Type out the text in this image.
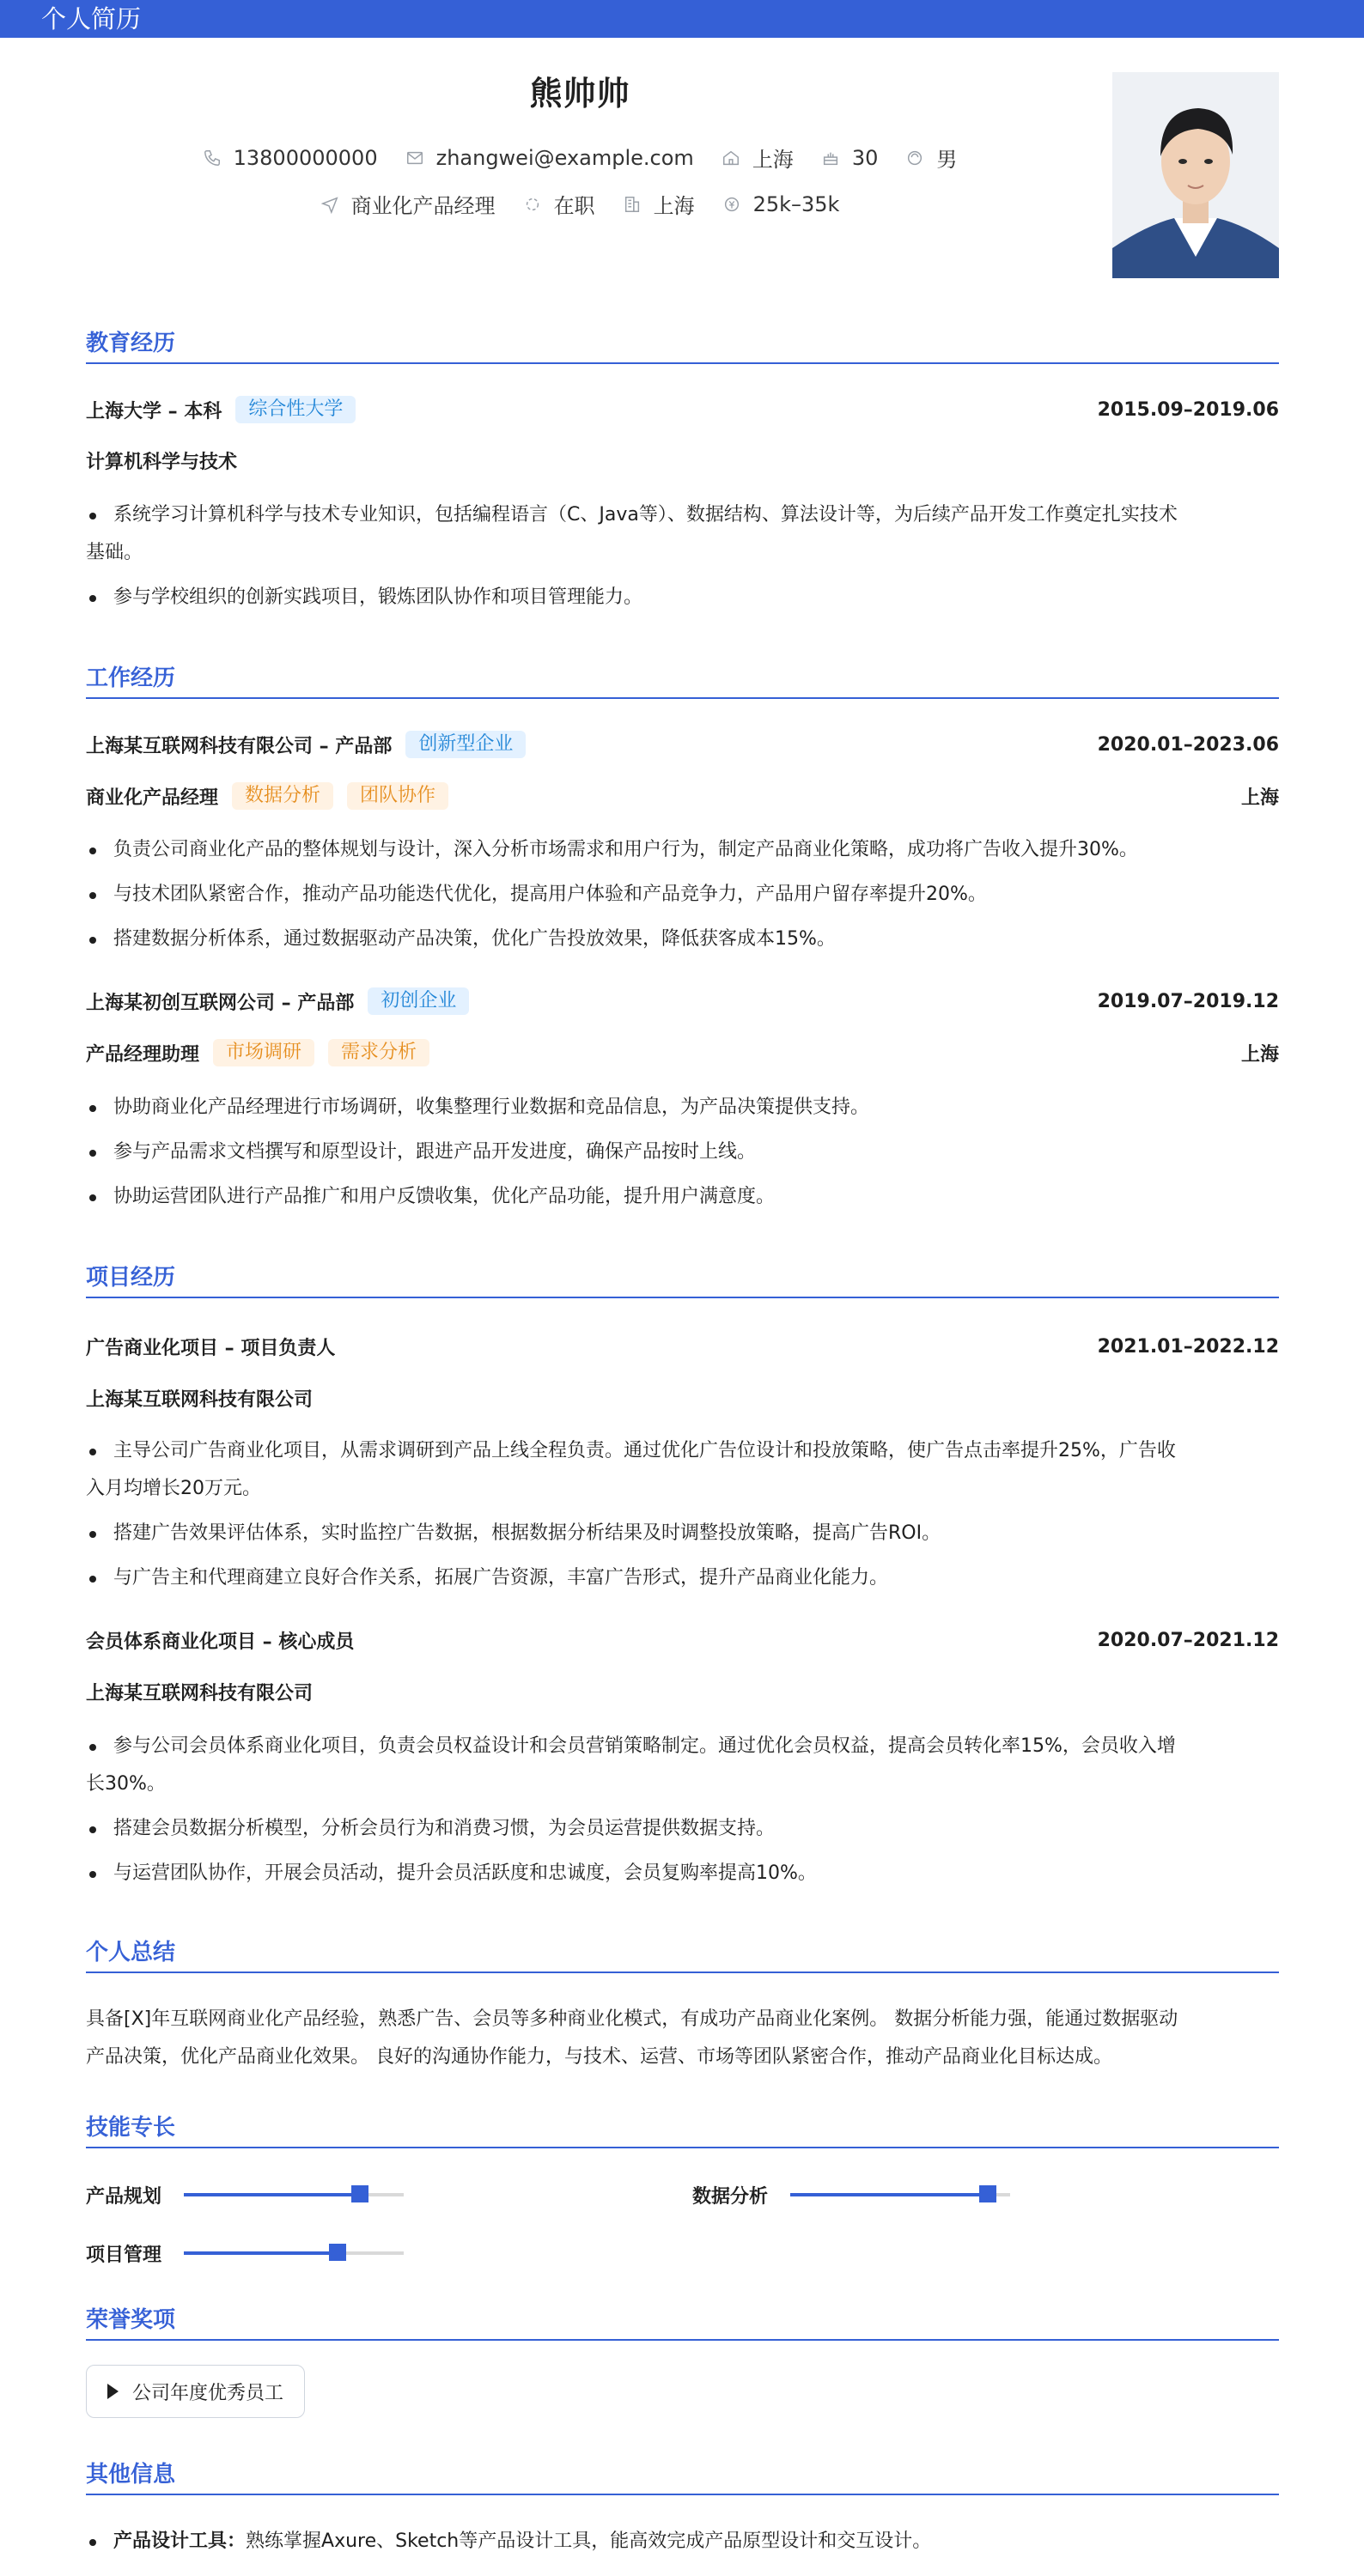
个人简历
熊帅帅
13800000000	zhangwei@example.com	上海	30	男
商业化产品经理	在职	上海	25k–35k
教育经历
上海大学 – 本科	综合性大学	2015.09–2019.06
计算机科学与技术
系统学习计算机科学与技术专业知识，包括编程语言（C、Java等）、数据结构、算法设计等，为后续产品开发工作奠定扎实技术
基础。
参与学校组织的创新实践项目，锻炼团队协作和项目管理能力。
工作经历
上海某互联网科技有限公司 – 产品部	创新型企业	2020.01–2023.06
商业化产品经理	数据分析	团队协作	上海
负责公司商业化产品的整体规划与设计，深入分析市场需求和用户行为，制定产品商业化策略，成功将广告收入提升30%。
与技术团队紧密合作，推动产品功能迭代优化，提高用户体验和产品竞争力，产品用户留存率提升20%。
搭建数据分析体系，通过数据驱动产品决策，优化广告投放效果，降低获客成本15%。
上海某初创互联网公司 – 产品部	初创企业	2019.07–2019.12
产品经理助理	市场调研	需求分析	上海
协助商业化产品经理进行市场调研，收集整理行业数据和竞品信息，为产品决策提供支持。
参与产品需求文档撰写和原型设计，跟进产品开发进度，确保产品按时上线。
协助运营团队进行产品推广和用户反馈收集，优化产品功能，提升用户满意度。
项目经历
广告商业化项目 – 项目负责人	2021.01–2022.12
上海某互联网科技有限公司
主导公司广告商业化项目，从需求调研到产品上线全程负责。通过优化广告位设计和投放策略，使广告点击率提升25%，广告收
入月均增长20万元。
搭建广告效果评估体系，实时监控广告数据，根据数据分析结果及时调整投放策略，提高广告ROI。
与广告主和代理商建立良好合作关系，拓展广告资源，丰富广告形式，提升产品商业化能力。
会员体系商业化项目 – 核心成员	2020.07–2021.12
上海某互联网科技有限公司
参与公司会员体系商业化项目，负责会员权益设计和会员营销策略制定。通过优化会员权益，提高会员转化率15%，会员收入增
长30%。
搭建会员数据分析模型，分析会员行为和消费习惯，为会员运营提供数据支持。
与运营团队协作，开展会员活动，提升会员活跃度和忠诚度，会员复购率提高10%。
个人总结
具备[X]年互联网商业化产品经验，熟悉广告、会员等多种商业化模式，有成功产品商业化案例。 数据分析能力强，能通过数据驱动
产品决策，优化产品商业化效果。 良好的沟通协作能力，与技术、运营、市场等团队紧密合作，推动产品商业化目标达成。
技能专长
产品规划	数据分析
项目管理
荣誉奖项
公司年度优秀员工
其他信息
产品设计工具：熟练掌握Axure、Sketch等产品设计工具，能高效完成产品原型设计和交互设计。
